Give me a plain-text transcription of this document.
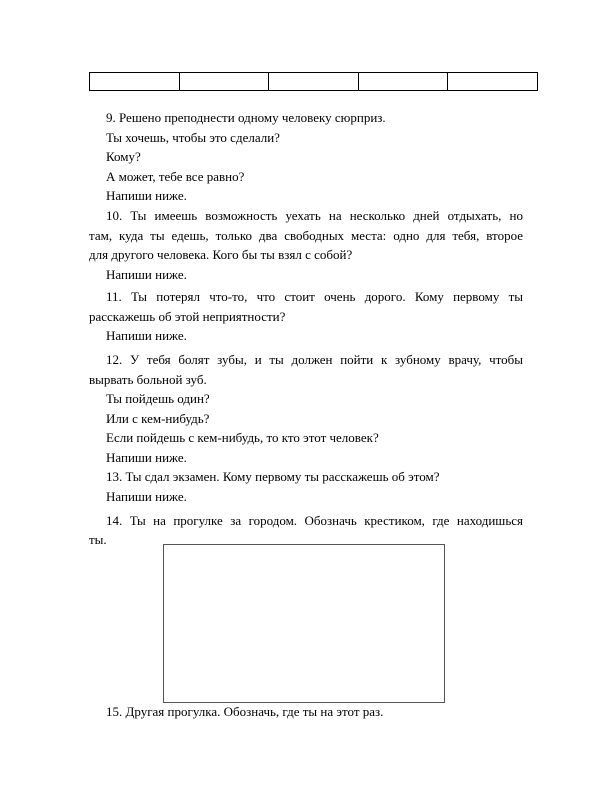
9. Решено преподнести одному человеку сюрприз.
Ты хочешь, чтобы это сделали?
Кому?
А может, тебе все равно?
Напиши ниже.
10. Ты имеешь возможность уехать на несколько дней отдыхать, но
там, куда ты едешь, только два свободных места: одно для тебя, второе
для другого человека. Кого бы ты взял с собой?
Напиши ниже.
11. Ты потерял что-то, что стоит очень дорого. Кому первому ты
расскажешь об этой неприятности?
Напиши ниже.
12. У тебя болят зубы, и ты должен пойти к зубному врачу, чтобы
вырвать больной зуб.
Ты пойдешь один?
Или с кем-нибудь?
Если пойдешь с кем-нибудь, то кто этот человек?
Напиши ниже.
13. Ты сдал экзамен. Кому первому ты расскажешь об этом?
Напиши ниже.
14. Ты на прогулке за городом. Обозначь крестиком, где находишься
ты.
15. Другая прогулка. Обозначь, где ты на этот раз.
